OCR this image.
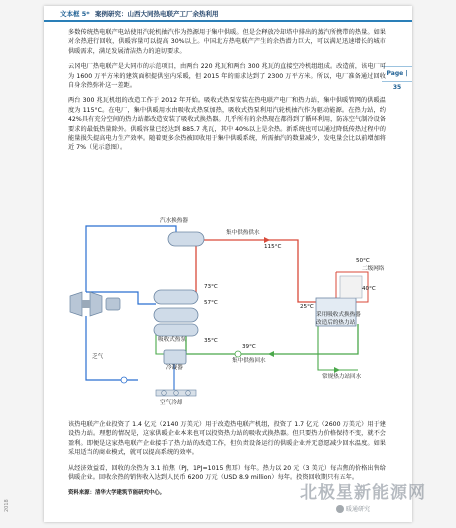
文本框 5* 案例研究：山西大同热电联产工厂余热利用
Page | 35

多数传统热电联产电站使用汽轮机抽汽作为热源用于集中供暖。但是会释放冷却塔中排出的蒸汽所携带的热量。如果对余热进行回收，供暖容量可以提高 30%以上。中国北方热电联产产生的余热潜力巨大，可以满足迅速增长的城市供暖需求，满足发展清洁热力的迫切要求。

云冈电厂热电联产是大同市的示范项目，由两台 220 兆瓦和两台 300 兆瓦的直接空冷机组组成。改造前，该电厂可为 1600 万平方米的建筑面积提供室内采暖，但 2015 年的需求达到了 2300 万平方米。所以，电厂准备通过回收自身余热弥补这一差距。

两台 300 兆瓦机组的改造工作于 2012 年开始。吸收式热泵安装在热电联产电厂和热力站，集中供暖管网的供暖温度为 115°C。在电厂，集中供暖用水由吸收式热泵加热，吸收式热泵利用汽轮机抽汽作为驱动能源。在热力站，约 42%具有充分空间的热力站都改造安装了吸收式换热器。几乎所有的余热现在都得到了循环利用，防冻空气制冷设备要求的最低热量除外。供暖容量已经达到 885.7 兆瓦，其中 40%以上是余热。新系统也可以通过降低传热过程中的能量损失提高电力生产效率。随着更多余热被回收用于集中供暖系统，所需抽汽的数量减少，发电量会比以前增加将近 7%（见示意图）。

汽水换热器
集中供热供水
115°C
50°C
二级网络
40°C
73°C
57°C
25°C
采用吸收式换热器
改造后的热力站
吸收式热泵
39°C
集中供热回水
35°C
冷凝器
乏气
常规热力站回水
空气冷却

该热电联产企业投资了 1.4 亿元（2140 万美元）用于改造热电联产机组，投资了 1.7 亿元（2600 万美元）用于建设热力站。理想的情况是，这家供暖企业本来也可以投资热力站的吸收式换热器。但只要热力价格保持不变，就不会盈利。即便是这家热电联产企业接手了热力站的改造工作，但负责设备运行的供暖企业并无意愿减少回水温度。如果采用适当的商业模式，就可以提高系统的效率。

从经济效益看，回收的余热为 3.1 拍焦（PJ，1PJ=1015 焦耳）每年。热力以 20 元（3 美元）每吉焦的价格出售给供暖企业。回收余热的销售收入达到人民币 6200 万元（USD 8.9 million）每年。投资回收期只有五年。

资料来源：清华大学建筑节能研究中心。
2018
北极星新能源网
暖通研究
